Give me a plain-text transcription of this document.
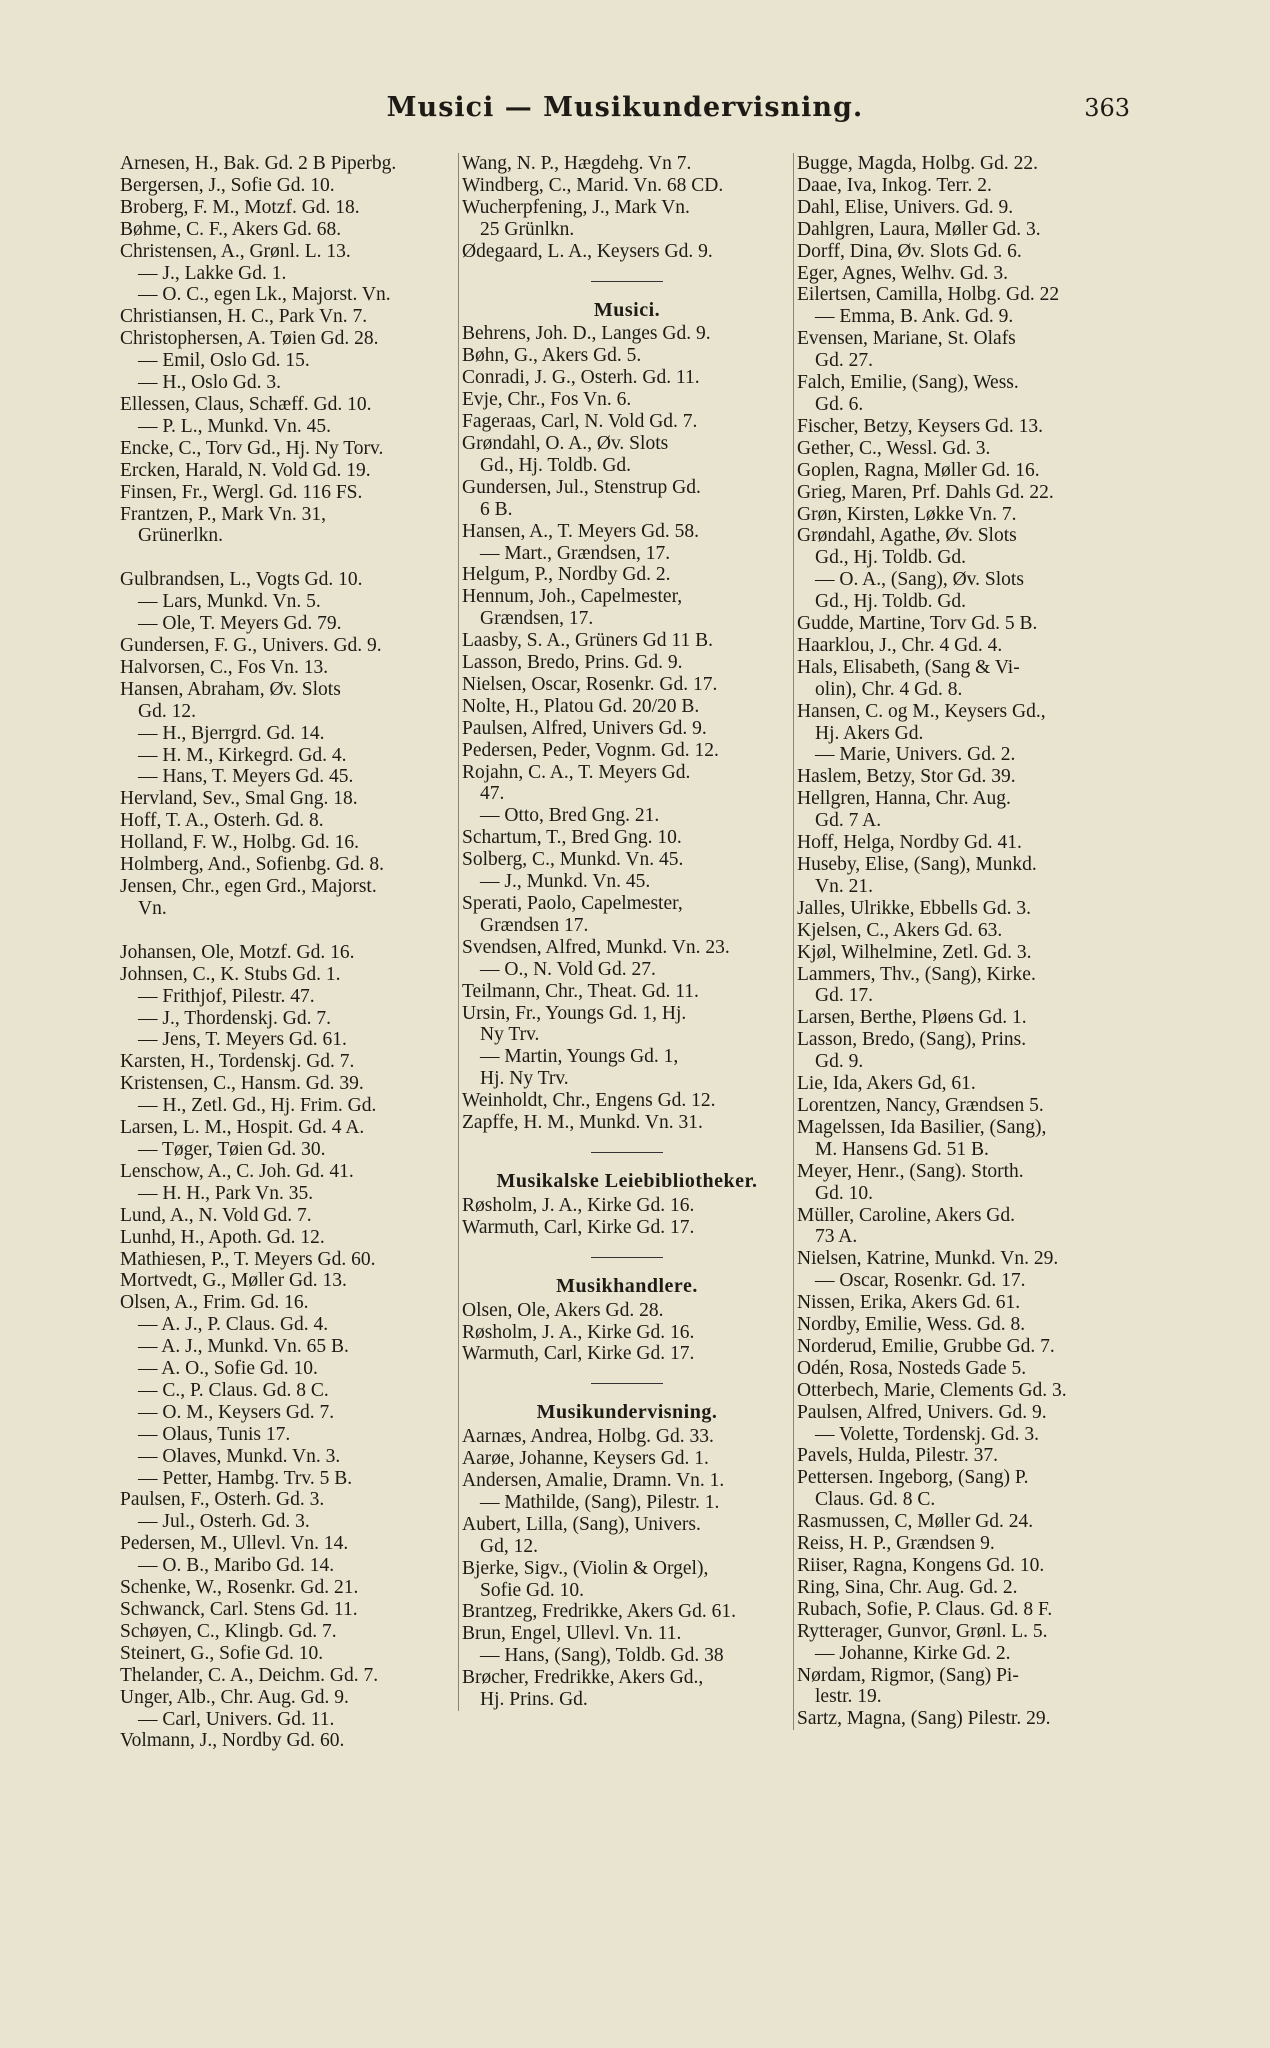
Musici — Musikundervisning.	363
Arnesen, H., Bak. Gd. 2 B Piperbg.
Bergersen, J., Sofie Gd. 10.
Broberg, F. M., Motzf. Gd. 18.
Bøhme, C. F., Akers Gd. 68.
Christensen, A., Grønl. L. 13.
— J., Lakke Gd. 1.
— O. C., egen Lk., Majorst. Vn.
Christiansen, H. C., Park Vn. 7.
Christophersen, A. Tøien Gd. 28.
— Emil, Oslo Gd. 15.
— H., Oslo Gd. 3.
Ellessen, Claus, Schæff. Gd. 10.
— P. L., Munkd. Vn. 45.
Encke, C., Torv Gd., Hj. Ny Torv.
Ercken, Harald, N. Vold Gd. 19.
Finsen, Fr., Wergl. Gd. 116 FS.
Frantzen, P., Mark Vn. 31,
Grünerlkn.
Gulbrandsen, L., Vogts Gd. 10.
— Lars, Munkd. Vn. 5.
— Ole, T. Meyers Gd. 79.
Gundersen, F. G., Univers. Gd. 9.
Halvorsen, C., Fos Vn. 13.
Hansen, Abraham, Øv. Slots
Gd. 12.
— H., Bjerrgrd. Gd. 14.
— H. M., Kirkegrd. Gd. 4.
— Hans, T. Meyers Gd. 45.
Hervland, Sev., Smal Gng. 18.
Hoff, T. A., Osterh. Gd. 8.
Holland, F. W., Holbg. Gd. 16.
Holmberg, And., Sofienbg. Gd. 8.
Jensen, Chr., egen Grd., Majorst.
Vn.
Johansen, Ole, Motzf. Gd. 16.
Johnsen, C., K. Stubs Gd. 1.
— Frithjof, Pilestr. 47.
— J., Thordenskj. Gd. 7.
— Jens, T. Meyers Gd. 61.
Karsten, H., Tordenskj. Gd. 7.
Kristensen, C., Hansm. Gd. 39.
— H., Zetl. Gd., Hj. Frim. Gd.
Larsen, L. M., Hospit. Gd. 4 A.
— Tøger, Tøien Gd. 30.
Lenschow, A., C. Joh. Gd. 41.
— H. H., Park Vn. 35.
Lund, A., N. Vold Gd. 7.
Lunhd, H., Apoth. Gd. 12.
Mathiesen, P., T. Meyers Gd. 60.
Mortvedt, G., Møller Gd. 13.
Olsen, A., Frim. Gd. 16.
— A. J., P. Claus. Gd. 4.
— A. J., Munkd. Vn. 65 B.
— A. O., Sofie Gd. 10.
— C., P. Claus. Gd. 8 C.
— O. M., Keysers Gd. 7.
— Olaus, Tunis 17.
— Olaves, Munkd. Vn. 3.
— Petter, Hambg. Trv. 5 B.
Paulsen, F., Osterh. Gd. 3.
— Jul., Osterh. Gd. 3.
Pedersen, M., Ullevl. Vn. 14.
— O. B., Maribo Gd. 14.
Schenke, W., Rosenkr. Gd. 21.
Schwanck, Carl. Stens Gd. 11.
Schøyen, C., Klingb. Gd. 7.
Steinert, G., Sofie Gd. 10.
Thelander, C. A., Deichm. Gd. 7.
Unger, Alb., Chr. Aug. Gd. 9.
— Carl, Univers. Gd. 11.
Volmann, J., Nordby Gd. 60.
Wang, N. P., Hægdehg. Vn 7.
Windberg, C., Marid. Vn. 68 CD.
Wucherpfening, J., Mark Vn.
25 Grünlkn.
Ødegaard, L. A., Keysers Gd. 9.
Musici.
Behrens, Joh. D., Langes Gd. 9.
Bøhn, G., Akers Gd. 5.
Conradi, J. G., Osterh. Gd. 11.
Evje, Chr., Fos Vn. 6.
Fageraas, Carl, N. Vold Gd. 7.
Grøndahl, O. A., Øv. Slots
Gd., Hj. Toldb. Gd.
Gundersen, Jul., Stenstrup Gd.
6 B.
Hansen, A., T. Meyers Gd. 58.
— Mart., Grændsen, 17.
Helgum, P., Nordby Gd. 2.
Hennum, Joh., Capelmester,
Grændsen, 17.
Laasby, S. A., Grüners Gd 11 B.
Lasson, Bredo, Prins. Gd. 9.
Nielsen, Oscar, Rosenkr. Gd. 17.
Nolte, H., Platou Gd. 20/20 B.
Paulsen, Alfred, Univers Gd. 9.
Pedersen, Peder, Vognm. Gd. 12.
Rojahn, C. A., T. Meyers Gd.
47.
— Otto, Bred Gng. 21.
Schartum, T., Bred Gng. 10.
Solberg, C., Munkd. Vn. 45.
— J., Munkd. Vn. 45.
Sperati, Paolo, Capelmester,
Grændsen 17.
Svendsen, Alfred, Munkd. Vn. 23.
— O., N. Vold Gd. 27.
Teilmann, Chr., Theat. Gd. 11.
Ursin, Fr., Youngs Gd. 1, Hj.
Ny Trv.
— Martin, Youngs Gd. 1,
Hj. Ny Trv.
Weinholdt, Chr., Engens Gd. 12.
Zapffe, H. M., Munkd. Vn. 31.
Musikalske Leiebibliotheker.
Røsholm, J. A., Kirke Gd. 16.
Warmuth, Carl, Kirke Gd. 17.
Musikhandlere.
Olsen, Ole, Akers Gd. 28.
Røsholm, J. A., Kirke Gd. 16.
Warmuth, Carl, Kirke Gd. 17.
Musikundervisning.
Aarnæs, Andrea, Holbg. Gd. 33.
Aarøe, Johanne, Keysers Gd. 1.
Andersen, Amalie, Dramn. Vn. 1.
— Mathilde, (Sang), Pilestr. 1.
Aubert, Lilla, (Sang), Univers.
Gd, 12.
Bjerke, Sigv., (Violin & Orgel),
Sofie Gd. 10.
Brantzeg, Fredrikke, Akers Gd. 61.
Brun, Engel, Ullevl. Vn. 11.
— Hans, (Sang), Toldb. Gd. 38
Brøcher, Fredrikke, Akers Gd.,
Hj. Prins. Gd.
Bugge, Magda, Holbg. Gd. 22.
Daae, Iva, Inkog. Terr. 2.
Dahl, Elise, Univers. Gd. 9.
Dahlgren, Laura, Møller Gd. 3.
Dorff, Dina, Øv. Slots Gd. 6.
Eger, Agnes, Welhv. Gd. 3.
Eilertsen, Camilla, Holbg. Gd. 22
— Emma, B. Ank. Gd. 9.
Evensen, Mariane, St. Olafs
Gd. 27.
Falch, Emilie, (Sang), Wess.
Gd. 6.
Fischer, Betzy, Keysers Gd. 13.
Gether, C., Wessl. Gd. 3.
Goplen, Ragna, Møller Gd. 16.
Grieg, Maren, Prf. Dahls Gd. 22.
Grøn, Kirsten, Løkke Vn. 7.
Grøndahl, Agathe, Øv. Slots
Gd., Hj. Toldb. Gd.
— O. A., (Sang), Øv. Slots
Gd., Hj. Toldb. Gd.
Gudde, Martine, Torv Gd. 5 B.
Haarklou, J., Chr. 4 Gd. 4.
Hals, Elisabeth, (Sang & Vi-
olin), Chr. 4 Gd. 8.
Hansen, C. og M., Keysers Gd.,
Hj. Akers Gd.
— Marie, Univers. Gd. 2.
Haslem, Betzy, Stor Gd. 39.
Hellgren, Hanna, Chr. Aug.
Gd. 7 A.
Hoff, Helga, Nordby Gd. 41.
Huseby, Elise, (Sang), Munkd.
Vn. 21.
Jalles, Ulrikke, Ebbells Gd. 3.
Kjelsen, C., Akers Gd. 63.
Kjøl, Wilhelmine, Zetl. Gd. 3.
Lammers, Thv., (Sang), Kirke.
Gd. 17.
Larsen, Berthe, Pløens Gd. 1.
Lasson, Bredo, (Sang), Prins.
Gd. 9.
Lie, Ida, Akers Gd, 61.
Lorentzen, Nancy, Grændsen 5.
Magelssen, Ida Basilier, (Sang),
M. Hansens Gd. 51 B.
Meyer, Henr., (Sang). Storth.
Gd. 10.
Müller, Caroline, Akers Gd.
73 A.
Nielsen, Katrine, Munkd. Vn. 29.
— Oscar, Rosenkr. Gd. 17.
Nissen, Erika, Akers Gd. 61.
Nordby, Emilie, Wess. Gd. 8.
Norderud, Emilie, Grubbe Gd. 7.
Odén, Rosa, Nosteds Gade 5.
Otterbech, Marie, Clements Gd. 3.
Paulsen, Alfred, Univers. Gd. 9.
— Volette, Tordenskj. Gd. 3.
Pavels, Hulda, Pilestr. 37.
Pettersen. Ingeborg, (Sang) P.
Claus. Gd. 8 C.
Rasmussen, C, Møller Gd. 24.
Reiss, H. P., Grændsen 9.
Riiser, Ragna, Kongens Gd. 10.
Ring, Sina, Chr. Aug. Gd. 2.
Rubach, Sofie, P. Claus. Gd. 8 F.
Rytterager, Gunvor, Grønl. L. 5.
— Johanne, Kirke Gd. 2.
Nørdam, Rigmor, (Sang) Pi-
lestr. 19.
Sartz, Magna, (Sang) Pilestr. 29.
